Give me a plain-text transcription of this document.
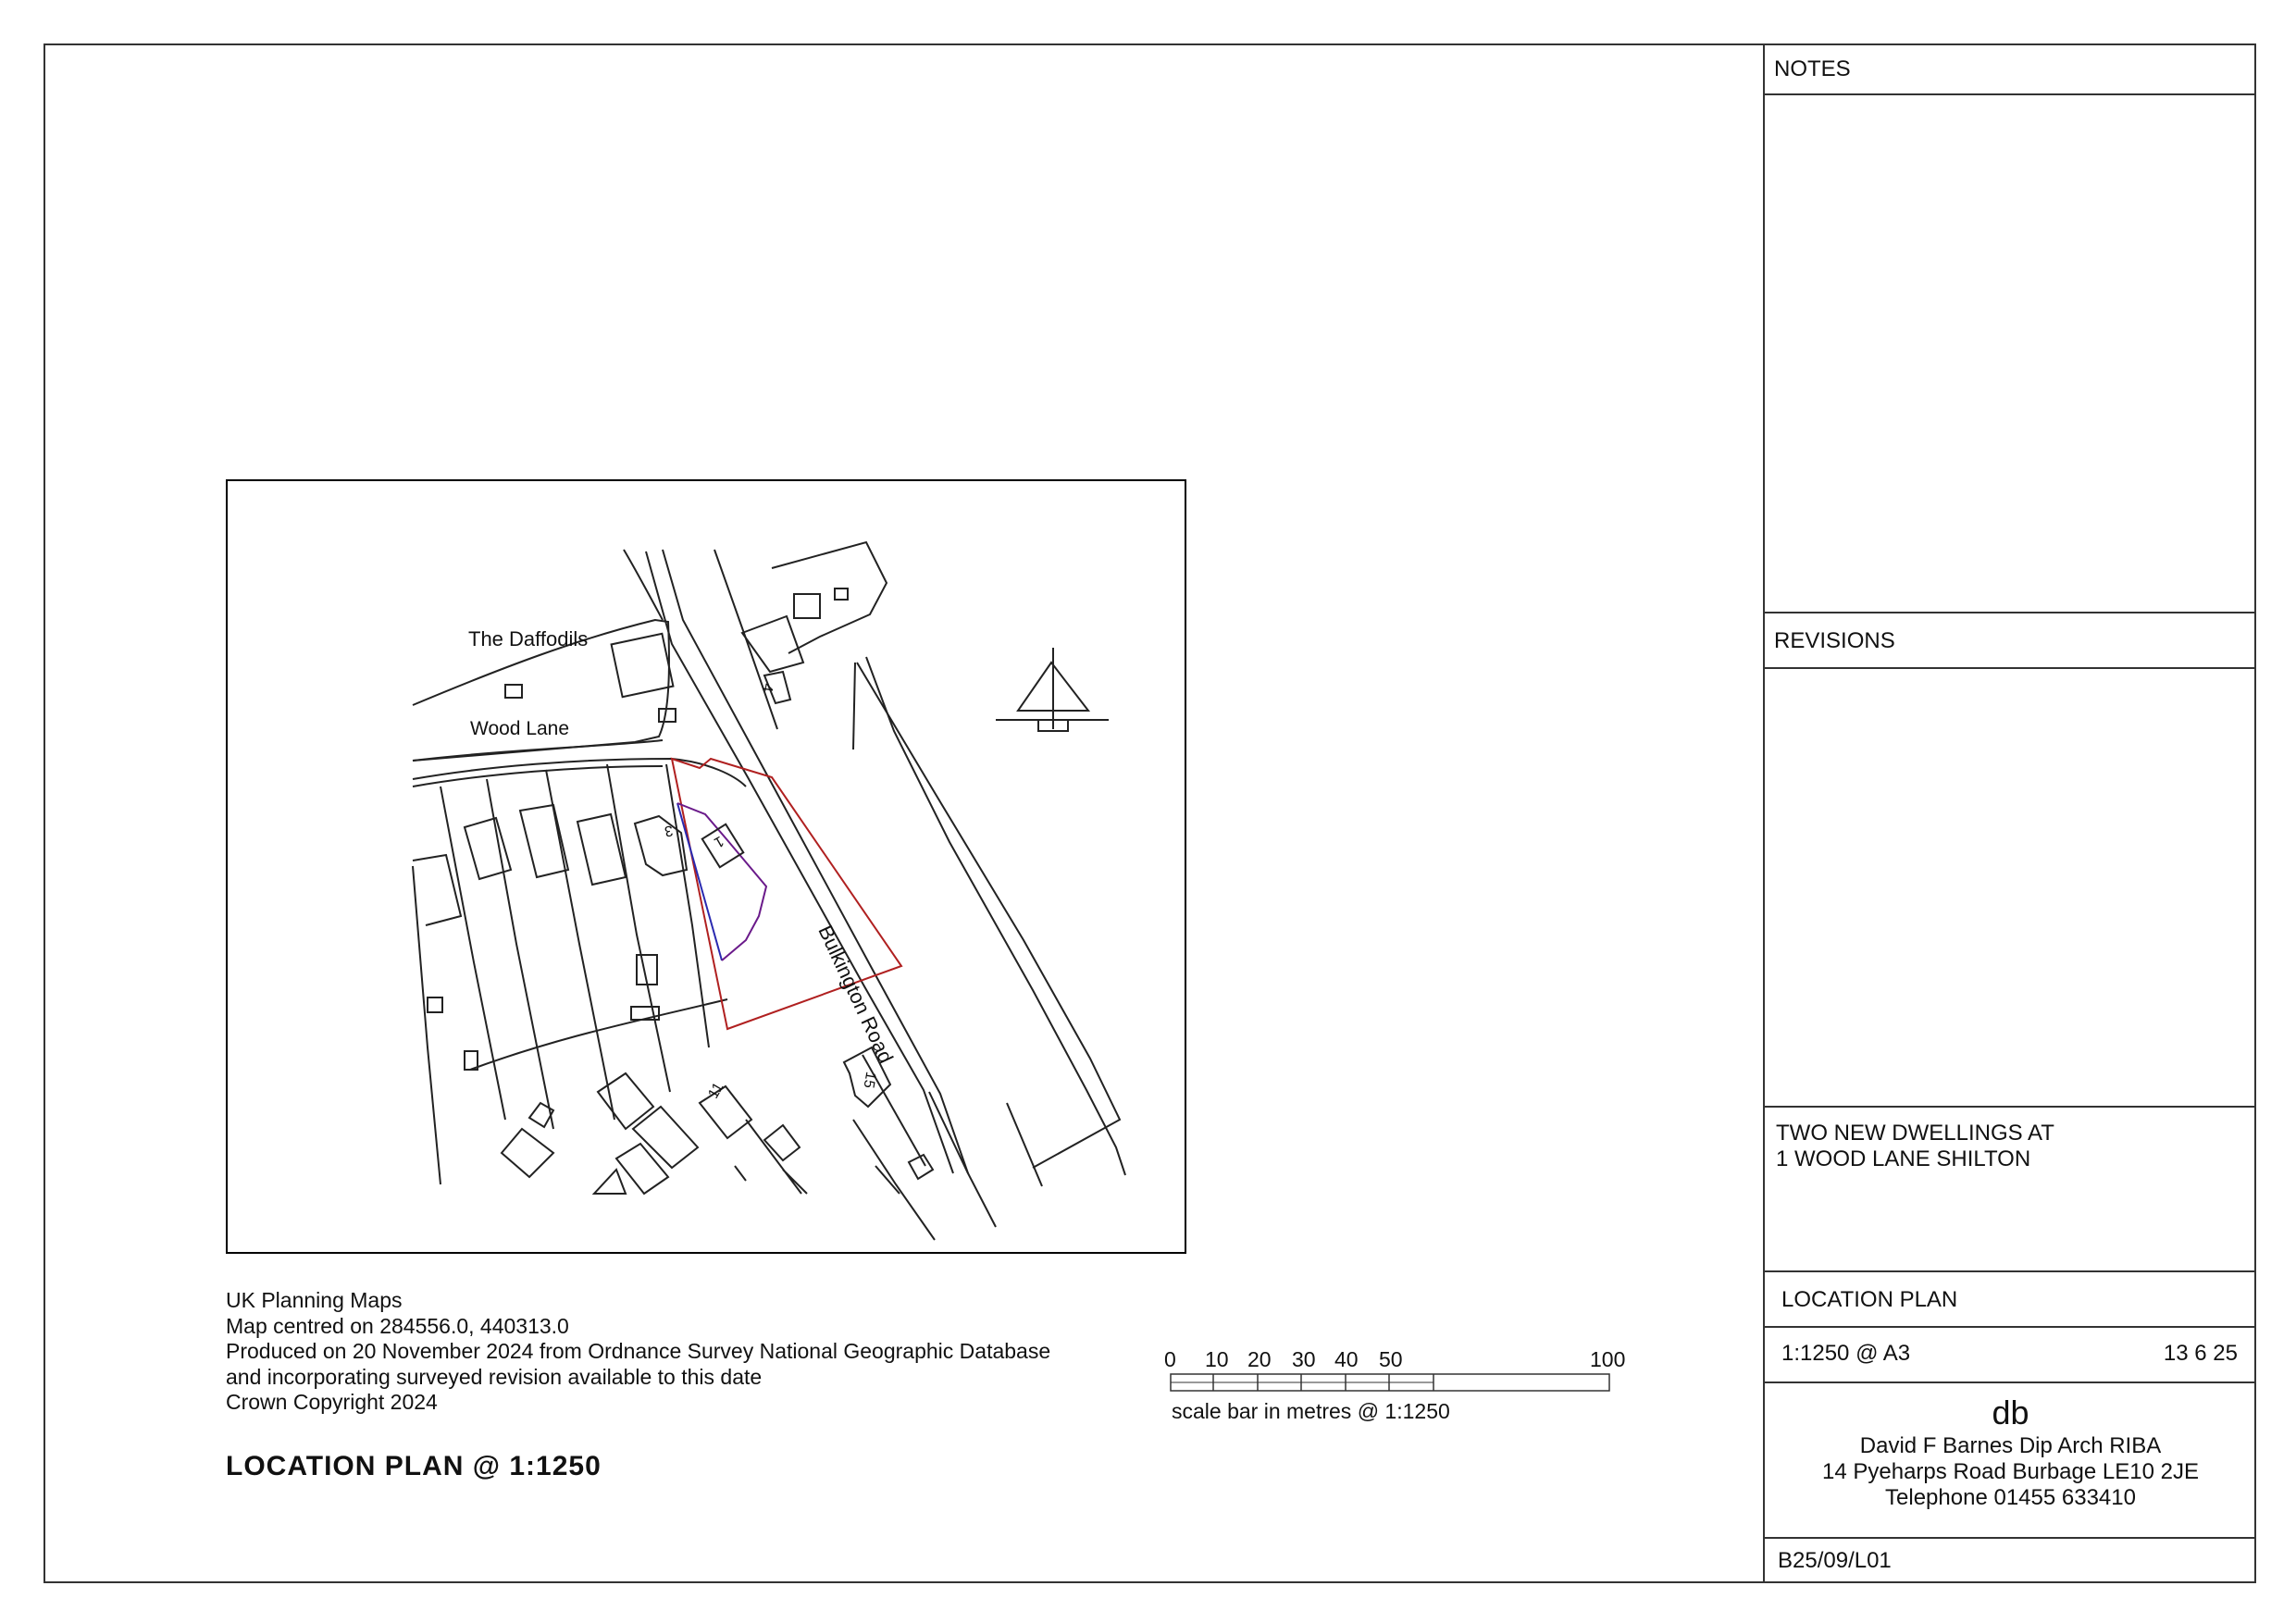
NOTES
REVISIONS
TWO NEW DWELLINGS AT
1 WOOD LANE SHILTON
LOCATION PLAN
1:1250 @ A3	13 6 25
db
David F Barnes Dip Arch RIBA
14 Pyeharps Road Burbage LE10 2JE
Telephone 01455 633410
B25/09/L01
The Daffodils
Wood Lane
Bulkington Road
1
3
4
11
15
UK Planning Maps
Map centred on 284556.0, 440313.0
Produced on 20 November 2024 from Ordnance Survey National Geographic Database
and incorporating surveyed revision available to this date
Crown Copyright 2024
LOCATION PLAN @ 1:1250
0 10 20 30 40 50	100
scale bar in metres @ 1:1250
